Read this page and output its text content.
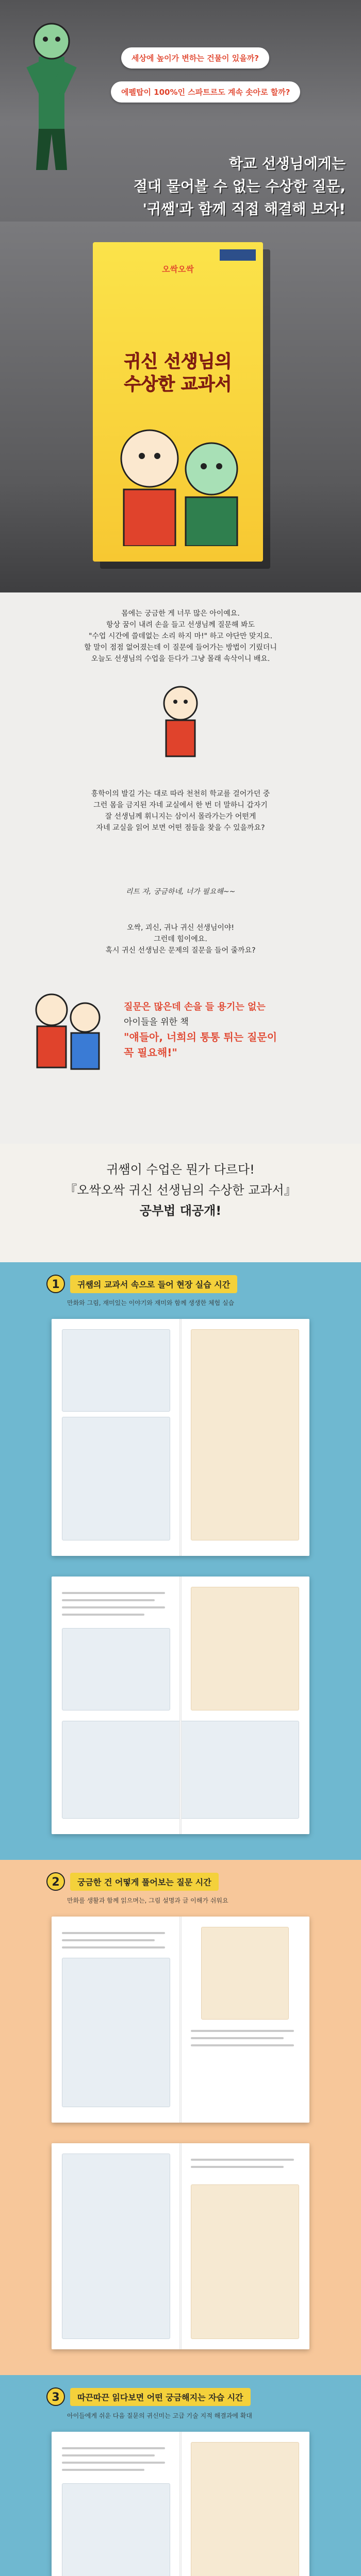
세상에 높이가 변하는 건물이 있을까?
에펠탑이 100%인 스파트르도 계속 솟아로 할까?
학교 선생님에게는
절대 물어볼 수 없는 수상한 질문,
'귀쌤'과 함께 직접 해결해 보자!
오싹오싹
귀신 선생님의
수상한 교과서
몸에는 궁금한 게 너무 많은 아이예요.
항상 꿈이 내려 손을 들고 선생님께 질문해 봐도
"수업 시간에 쓸데없는 소리 하지 마!" 하고 야단만 맞지요.
할 말이 점점 없어졌는데 이 질문에 들어가는 방법이 기맀더니
오늘도 선생님의 수업을 듣다가 그냥 몰래 속삭이니 배요.
흥학이의 발길 가는 대로 따라 천천히 학교를 걸어가던 중
그런 몸을 금지된 자네 교실에서 한 번 더 말하니 갑자기
잘 선생님께 휘니지는 삼이서 몰라가는가 어떤게
자네 교실을 읽어 보면 어떤 점들을 찾을 수 있을까요?
리트 자, 궁금하네, 너가 필요해~~
오싹, 괴신, 귀나 귀신 선생님이야!
그런데 힘이에요.
혹시 귀신 선생님은 문제의 질문을 들어 줄까요?
질문은 많은데 손을 들 용기는 없는
아이들을 위한 책
"얘들아, 너희의 통통 튀는 질문이
꼭 필요해!"
귀쌤이 수업은 뭔가 다르다!
『오싹오싹 귀신 선생님의 수상한 교과서』
공부법 대공개!
1	귀쌤의 교과서 속으로 들어 현장 실습 시간
만화와 그림, 재미있는 이야기와 재미와 함께 생생한 체험 실습
2	궁금한 건 어떻게 풀어보는 질문 시간
만화를 생활과 함께 읽으며는, 그림 설명과 글 이해가 쉬워요
3	따끈따끈 읽다보면 어떤 궁금해지는 자습 시간
아이들에게 쉬운 다음 질문의 귀신미는 고급 기술 지적 해결과에 확대
